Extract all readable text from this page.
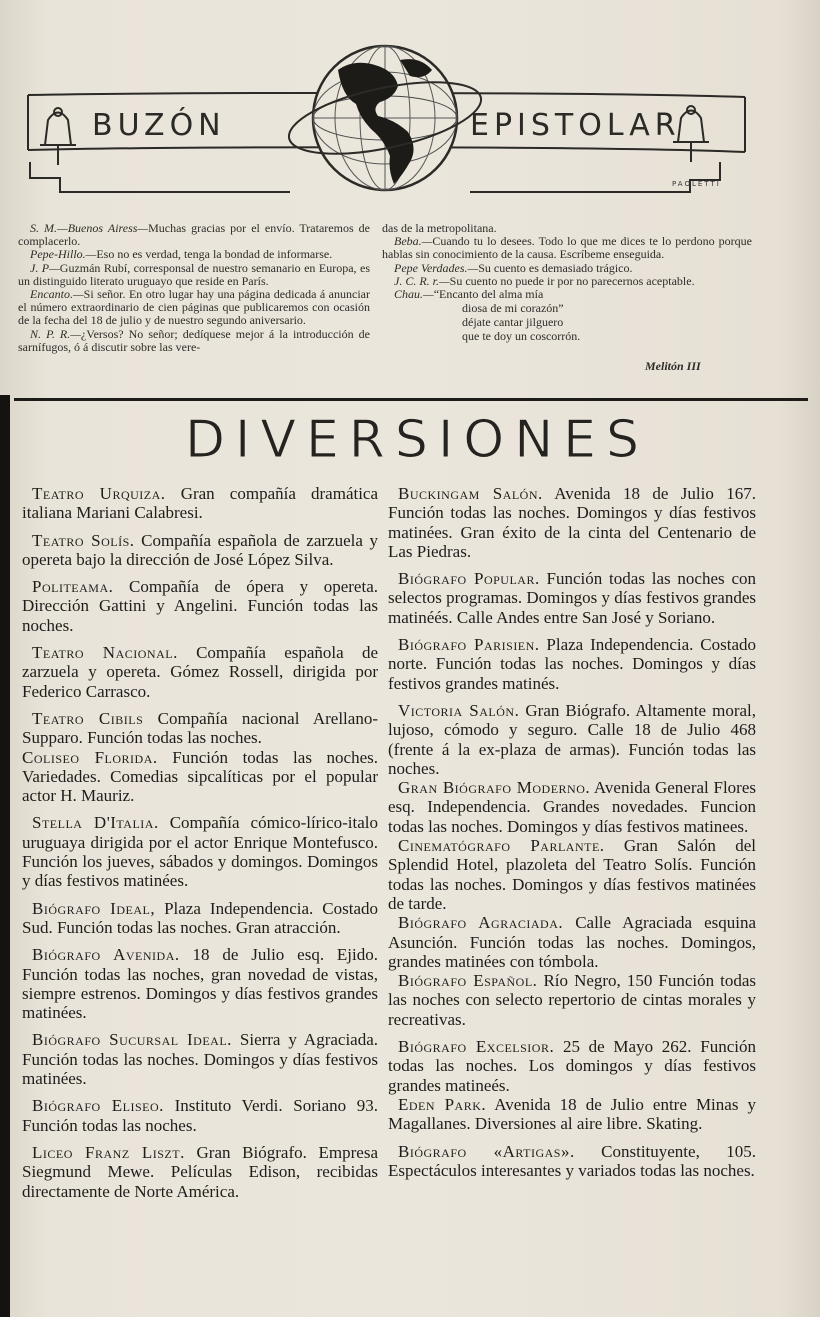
BUZÓN	EPISTOLAR
PAOLETTI

S. M.—Buenos Airess—Muchas gracias por el envío. Trataremos de complacerlo.

Pepe-Hillo.—Eso no es verdad, tenga la bondad de informarse.

J. P—Guzmán Rubí, corresponsal de nuestro semanario en Europa, es un distinguido literato uruguayo que reside en París.

Encanto.—Si señor. En otro lugar hay una página dedicada á anunciar el número extraordinario de cien páginas que publicaremos con ocasión de la fecha del 18 de julio y de nuestro segundo aniversario.

N. P. R.—¿Versos? No señor; dedíquese mejor á la introducción de sarnífugos, ó á discutir sobre las vere-

das de la metropolitana.

Beba.—Cuando tu lo desees. Todo lo que me dices te lo perdono porque hablas sin conocimiento de la causa. Escríbeme enseguida.

Pepe Verdades.—Su cuento es demasiado trágico.

J. C. R. r.—Su cuento no puede ir por no parecernos aceptable.

Chau.—“Encanto del alma mía

diosa de mi corazón”
déjate cantar jilguero
que te doy un coscorrón.
Melitón III
DIVERSIONES

Teatro Urquiza. Gran compañía dramática italiana Mariani Calabresi.

Teatro Solís. Compañía española de zarzuela y opereta bajo la dirección de José López Silva.

Politeama. Compañía de ópera y opereta. Dirección Gattini y Angelini. Función todas las noches.

Teatro Nacional. Compañía española de zarzuela y opereta. Gómez Rossell, dirigida por Federico Carrasco.

Teatro Cibils Compañía nacional Arellano-Supparo. Función todas las noches.

Coliseo Florida. Función todas las noches. Variedades. Comedias sipcalíticas por el popular actor H. Mauriz.

Stella D'Italia. Compañía cómico-lírico-italo uruguaya dirigida por el actor Enrique Montefusco. Función los jueves, sábados y domingos. Domingos y días festivos matinées.

Biógrafo Ideal, Plaza Independencia. Costado Sud. Función todas las noches. Gran atracción.

Biógrafo Avenida. 18 de Julio esq. Ejido. Función todas las noches, gran novedad de vistas, siempre estrenos. Domingos y días festivos grandes matinées.

Biógrafo Sucursal Ideal. Sierra y Agraciada. Función todas las noches. Domingos y días festivos matinées.

Biógrafo Eliseo. Instituto Verdi. Soriano 93. Función todas las noches.

Liceo Franz Liszt. Gran Biógrafo. Empresa Siegmund Mewe. Películas Edison, recibidas directamente de Norte América.

Buckingam Salón. Avenida 18 de Julio 167. Función todas las noches. Domingos y días festivos matinées. Gran éxito de la cinta del Centenario de Las Piedras.

Biógrafo Popular. Función todas las noches con selectos programas. Domingos y días festivos grandes matinéés. Calle Andes entre San José y Soriano.

Biógrafo Parisien. Plaza Independencia. Costado norte. Función todas las noches. Domingos y días festivos grandes matinés.

Victoria Salón. Gran Biógrafo. Altamente moral, lujoso, cómodo y seguro. Calle 18 de Julio 468 (frente á la ex-plaza de armas). Función todas las noches.

Gran Biógrafo Moderno. Avenida General Flores esq. Independencia. Grandes novedades. Funcion todas las noches. Domingos y días festivos matinees.

Cinematógrafo Parlante. Gran Salón del Splendid Hotel, plazoleta del Teatro Solís. Función todas las noches. Domingos y días festivos matinées de tarde.

Biógrafo Agraciada. Calle Agraciada esquina Asunción. Función todas las noches. Domingos, grandes matinées con tómbola.

Biógrafo Español. Río Negro, 150 Función todas las noches con selecto repertorio de cintas morales y recreativas.

Biógrafo Excelsior. 25 de Mayo 262. Función todas las noches. Los domingos y días festivos grandes matineés.

Eden Park. Avenida 18 de Julio entre Minas y Magallanes. Diversiones al aire libre. Skating.

Biógrafo «Artigas». Constituyente, 105. Espectáculos interesantes y variados todas las noches.
